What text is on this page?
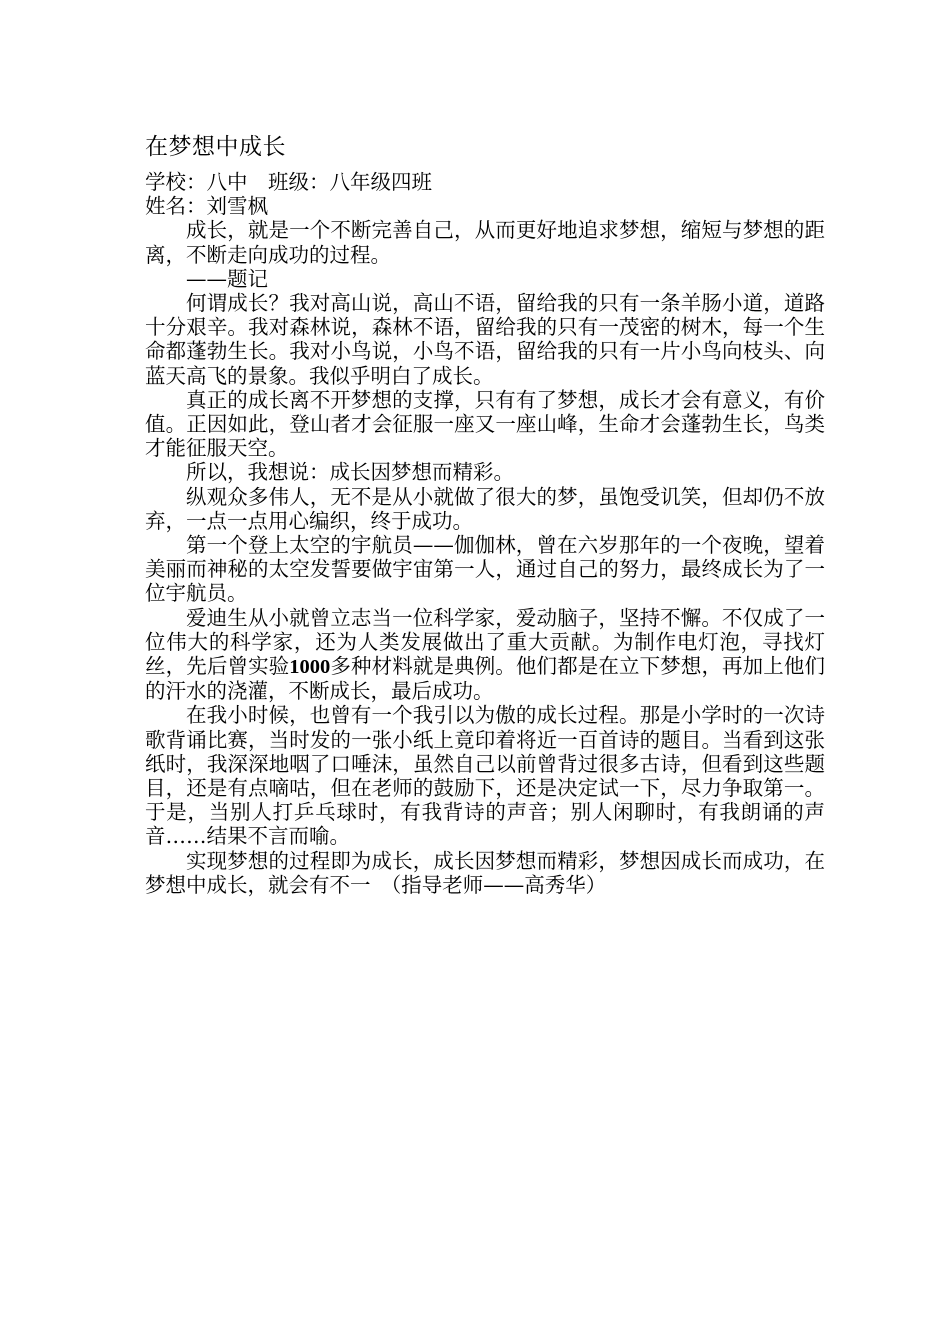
在梦想中成长

学校：八中　班级：八年级四班

姓名：刘雪枫

成长，就是一个不断完善自己，从而更好地追求梦想，缩短与梦想的距离，不断走向成功的过程。

——题记

何谓成长？我对高山说，高山不语，留给我的只有一条羊肠小道，道路十分艰辛。我对森林说，森林不语，留给我的只有一茂密的树木，每一个生命都蓬勃生长。我对小鸟说，小鸟不语，留给我的只有一片小鸟向枝头、向蓝天高飞的景象。我似乎明白了成长。

真正的成长离不开梦想的支撑，只有有了梦想，成长才会有意义，有价值。正因如此，登山者才会征服一座又一座山峰，生命才会蓬勃生长，鸟类才能征服天空。

所以，我想说：成长因梦想而精彩。

纵观众多伟人，无不是从小就做了很大的梦，虽饱受讥笑，但却仍不放弃，一点一点用心编织，终于成功。

第一个登上太空的宇航员——伽伽林，曾在六岁那年的一个夜晚，望着美丽而神秘的太空发誓要做宇宙第一人，通过自己的努力，最终成长为了一位宇航员。

爱迪生从小就曾立志当一位科学家，爱动脑子，坚持不懈。不仅成了一位伟大的科学家，还为人类发展做出了重大贡献。为制作电灯泡，寻找灯丝，先后曾实验1000多种材料就是典例。他们都是在立下梦想，再加上他们的汗水的浇灌，不断成长，最后成功。

在我小时候，也曾有一个我引以为傲的成长过程。那是小学时的一次诗歌背诵比赛，当时发的一张小纸上竟印着将近一百首诗的题目。当看到这张纸时，我深深地咽了口唾沫，虽然自己以前曾背过很多古诗，但看到这些题目，还是有点嘀咕，但在老师的鼓励下，还是决定试一下，尽力争取第一。于是，当别人打乒乓球时，有我背诗的声音；别人闲聊时，有我朗诵的声音……结果不言而喻。

实现梦想的过程即为成长，成长因梦想而精彩，梦想因成长而成功，在梦想中成长，就会有不一　 （指导老师——高秀华）
